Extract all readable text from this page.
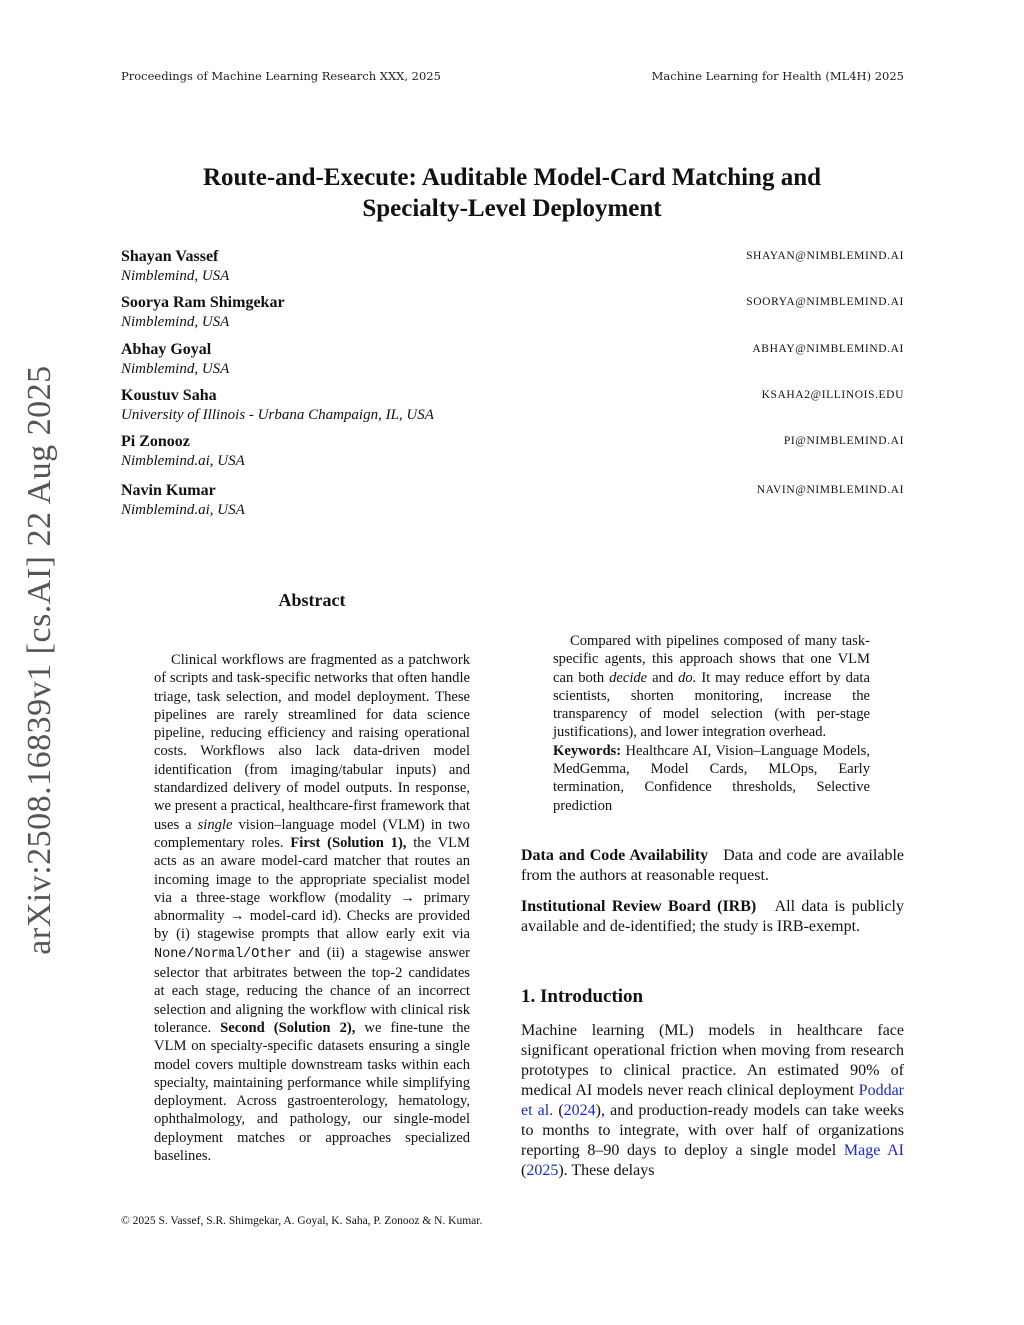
Proceedings of Machine Learning Research XXX, 2025	Machine Learning for Health (ML4H) 2025
arXiv:2508.16839v1 [cs.AI] 22 Aug 2025
Route-and-Execute: Auditable Model-Card Matching and
Specialty-Level Deployment
Shayan Vassef	SHAYAN@NIMBLEMIND.AI
Nimblemind, USA
Soorya Ram Shimgekar	SOORYA@NIMBLEMIND.AI
Nimblemind, USA
Abhay Goyal	ABHAY@NIMBLEMIND.AI
Nimblemind, USA
Koustuv Saha	KSAHA2@ILLINOIS.EDU
University of Illinois - Urbana Champaign, IL, USA
Pi Zonooz	PI@NIMBLEMIND.AI
Nimblemind.ai, USA
Navin Kumar	NAVIN@NIMBLEMIND.AI
Nimblemind.ai, USA
Abstract

Clinical workflows are fragmented as a patchwork of scripts and task-specific networks that often handle triage, task selection, and model deployment. These pipelines are rarely streamlined for data science pipeline, reducing efficiency and raising operational costs. Workflows also lack data-driven model identification (from imaging/tabular inputs) and standardized delivery of model outputs. In response, we present a practical, healthcare-first framework that uses a single vision–language model (VLM) in two complementary roles. First (Solution 1), the VLM acts as an aware model-card matcher that routes an incoming image to the appropriate specialist model via a three-stage workflow (modality → primary abnormality → model-card id). Checks are provided by (i) stagewise prompts that allow early exit via None/Normal/Other and (ii) a stagewise answer selector that arbitrates between the top-2 candidates at each stage, reducing the chance of an incorrect selection and aligning the workflow with clinical risk tolerance. Second (Solution 2), we fine-tune the VLM on specialty-specific datasets ensuring a single model covers multiple downstream tasks within each specialty, maintaining performance while simplifying deployment. Across gastroenterology, hematology, ophthalmology, and pathology, our single-model deployment matches or approaches specialized baselines.

Compared with pipelines composed of many task-specific agents, this approach shows that one VLM can both decide and do. It may reduce effort by data scientists, shorten monitoring, increase the transparency of model selection (with per-stage justifications), and lower integration overhead.

Keywords: Healthcare AI, Vision–Language Models, MedGemma, Model Cards, MLOps, Early termination, Confidence thresholds, Selective prediction

Data and Code Availability Data and code are available from the authors at reasonable request.

Institutional Review Board (IRB) All data is publicly available and de-identified; the study is IRB-exempt.

1. Introduction

Machine learning (ML) models in healthcare face significant operational friction when moving from research prototypes to clinical practice. An estimated 90% of medical AI models never reach clinical deployment Poddar et al. (2024), and production-ready models can take weeks to months to integrate, with over half of organizations reporting 8–90 days to deploy a single model Mage AI (2025). These delays

© 2025 S. Vassef, S.R. Shimgekar, A. Goyal, K. Saha, P. Zonooz & N. Kumar.
